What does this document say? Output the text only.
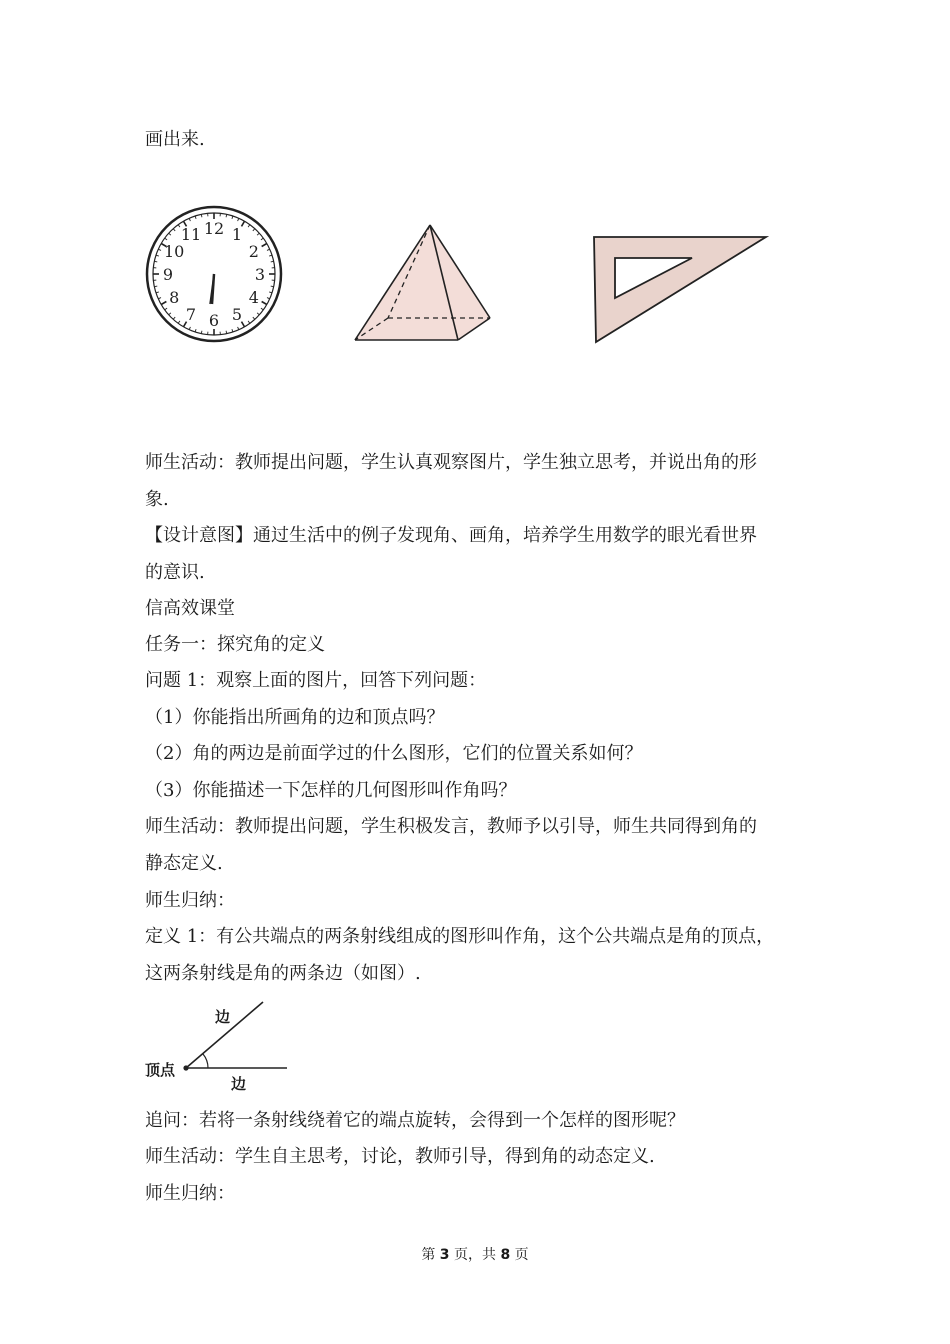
画出来.
12 1
2
3
4
5
6
7
8
9
10
11
师生活动：教师提出问题，学生认真观察图片，学生独立思考，并说出角的形
象.
【设计意图】通过生活中的例子发现角、画角，培养学生用数学的眼光看世界
的意识.
信高效课堂
任务一：探究角的定义
问题 1：观察上面的图片，回答下列问题：
（1）你能指出所画角的边和顶点吗？
（2）角的两边是前面学过的什么图形，它们的位置关系如何？
（3）你能描述一下怎样的几何图形叫作角吗？
师生活动：教师提出问题，学生积极发言，教师予以引导，师生共同得到角的
静态定义.
师生归纳：
定义 1：有公共端点的两条射线组成的图形叫作角，这个公共端点是角的顶点，
这两条射线是角的两条边（如图）.
边
顶点
边
追问：若将一条射线绕着它的端点旋转，会得到一个怎样的图形呢？
师生活动：学生自主思考，讨论，教师引导，得到角的动态定义.
师生归纳：
第 3 页，共 8 页
